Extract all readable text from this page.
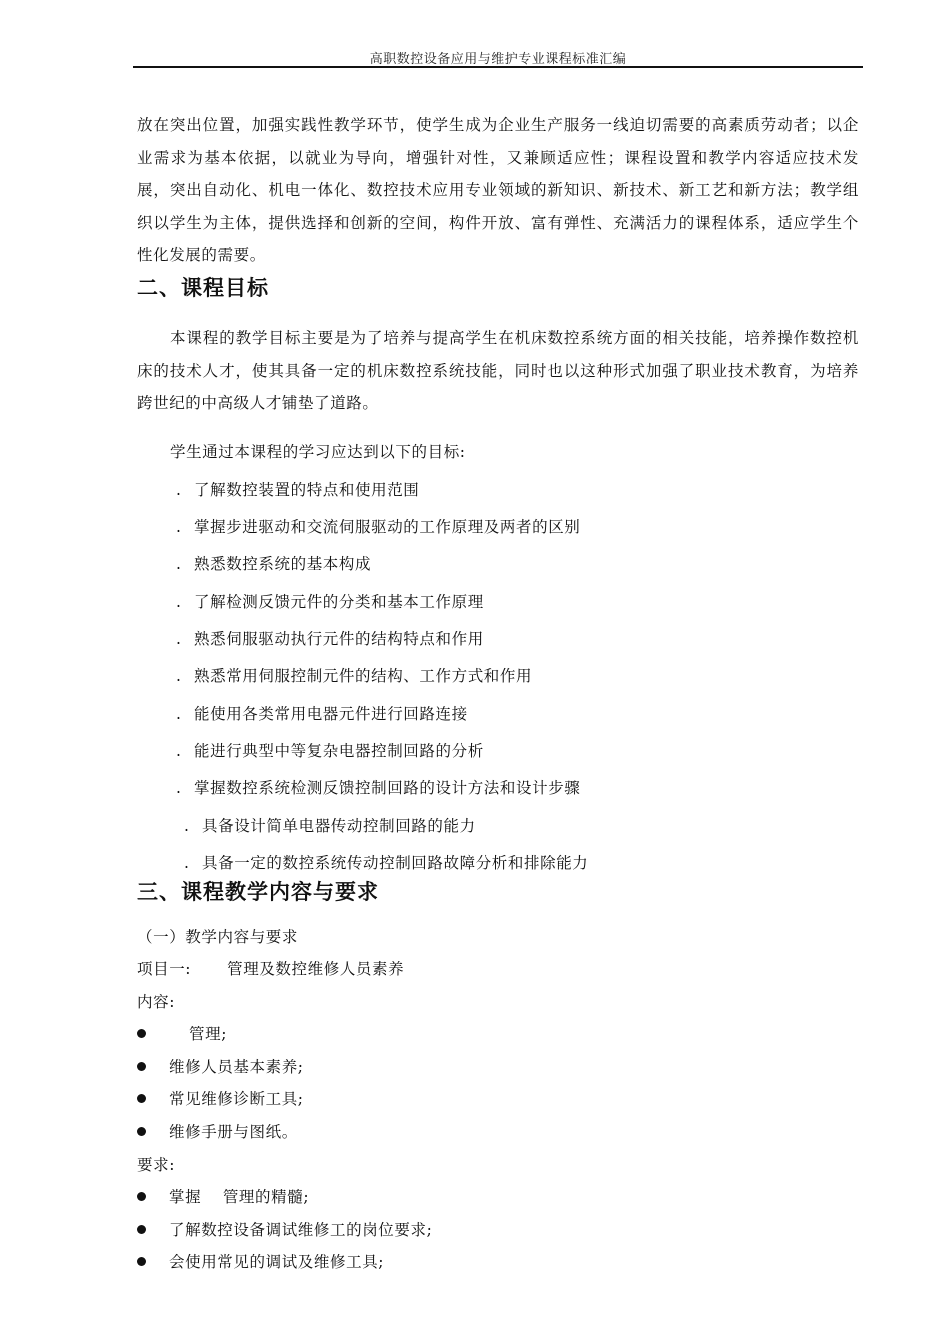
高职数控设备应用与维护专业课程标准汇编
放在突出位置，加强实践性教学环节，使学生成为企业生产服务一线迫切需要的高素质劳动者；以企业需求为基本依据，以就业为导向，增强针对性，又兼顾适应性；课程设置和教学内容适应技术发展，突出自动化、机电一体化、数控技术应用专业领域的新知识、新技术、新工艺和新方法；教学组织以学生为主体，提供选择和创新的空间，构件开放、富有弹性、充满活力的课程体系，适应学生个性化发展的需要。
二、课程目标
本课程的教学目标主要是为了培养与提高学生在机床数控系统方面的相关技能，培养操作数控机床的技术人才，使其具备一定的机床数控系统技能，同时也以这种形式加强了职业技术教育，为培养跨世纪的中高级人才铺垫了道路。
学生通过本课程的学习应达到以下的目标:
. 了解数控装置的特点和使用范围
. 掌握步进驱动和交流伺服驱动的工作原理及两者的区别
. 熟悉数控系统的基本构成
. 了解检测反馈元件的分类和基本工作原理
. 熟悉伺服驱动执行元件的结构特点和作用
. 熟悉常用伺服控制元件的结构、工作方式和作用
. 能使用各类常用电器元件进行回路连接
. 能进行典型中等复杂电器控制回路的分析
. 掌握数控系统检测反馈控制回路的设计方法和设计步骤
. 具备设计简单电器传动控制回路的能力
. 具备一定的数控系统传动控制回路故障分析和排除能力
三、课程教学内容与要求
（一）教学内容与要求
项目一: 管理及数控维修人员素养
内容:
管理;
维修人员基本素养;
常见维修诊断工具;
维修手册与图纸。
要求:
掌握　 管理的精髓;
了解数控设备调试维修工的岗位要求;
会使用常见的调试及维修工具;
